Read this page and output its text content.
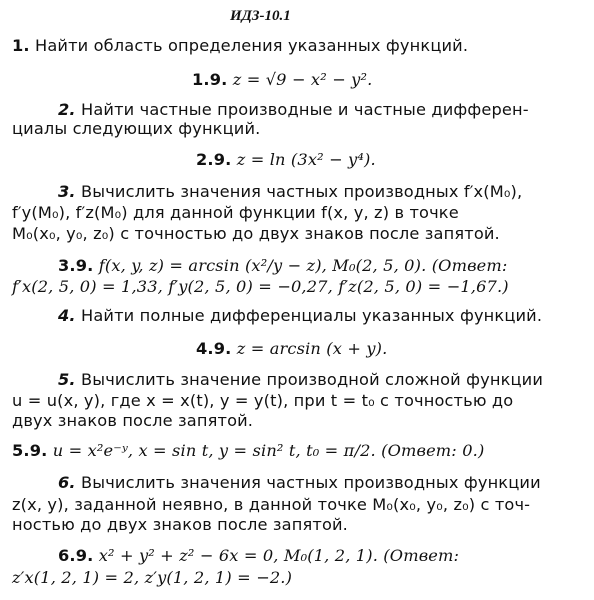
ИДЗ-10.1
1. Найти область определения указанных функций.
1.9. z = √9 − x² − y².
2. Найти частные производные и частные дифферен-
циалы следующих функций.
2.9. z = ln (3x² − y⁴).
3. Вычислить значения частных производных f′x(M₀),
f′y(M₀), f′z(M₀) для данной функции f(x, y, z) в точке
M₀(x₀, y₀, z₀) с точностью до двух знаков после запятой.
3.9. f(x, y, z) = arcsin (x²/y − z), M₀(2, 5, 0). (Ответ:
f′x(2, 5, 0) = 1,33, f′y(2, 5, 0) = −0,27, f′z(2, 5, 0) = −1,67.)
4. Найти полные дифференциалы указанных функций.
4.9. z = arcsin (x + y).
5. Вычислить значение производной сложной функции
u = u(x, y), где x = x(t), y = y(t), при t = t₀ с точностью до
двух знаков после запятой.
5.9. u = x²e⁻ʸ, x = sin t, y = sin² t, t₀ = π/2. (Ответ: 0.)
6. Вычислить значения частных производных функции
z(x, y), заданной неявно, в данной точке M₀(x₀, y₀, z₀) с точ-
ностью до двух знаков после запятой.
6.9. x² + y² + z² − 6x = 0, M₀(1, 2, 1). (Ответ:
z′x(1, 2, 1) = 2, z′y(1, 2, 1) = −2.)
